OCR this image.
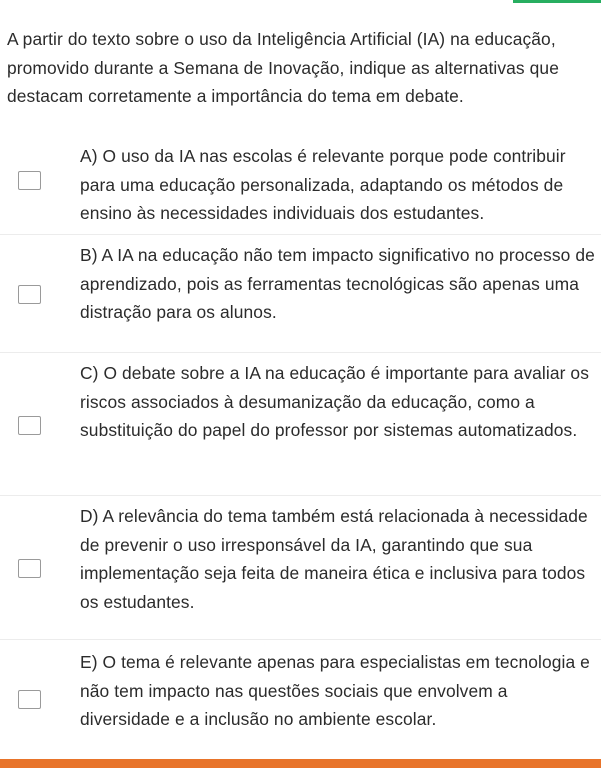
A partir do texto sobre o uso da Inteligência Artificial (IA) na educação, promovido durante a Semana de Inovação, indique as alternativas que destacam corretamente a importância do tema em debate.
A) O uso da IA nas escolas é relevante porque pode contribuir para uma educação personalizada, adaptando os métodos de ensino às necessidades individuais dos estudantes.
B) A IA na educação não tem impacto significativo no processo de aprendizado, pois as ferramentas tecnológicas são apenas uma distração para os alunos.
C) O debate sobre a IA na educação é importante para avaliar os riscos associados à desumanização da educação, como a substituição do papel do professor por sistemas automatizados.
D) A relevância do tema também está relacionada à necessidade de prevenir o uso irresponsável da IA, garantindo que sua implementação seja feita de maneira ética e inclusiva para todos os estudantes.
E) O tema é relevante apenas para especialistas em tecnologia e não tem impacto nas questões sociais que envolvem a diversidade e a inclusão no ambiente escolar.
